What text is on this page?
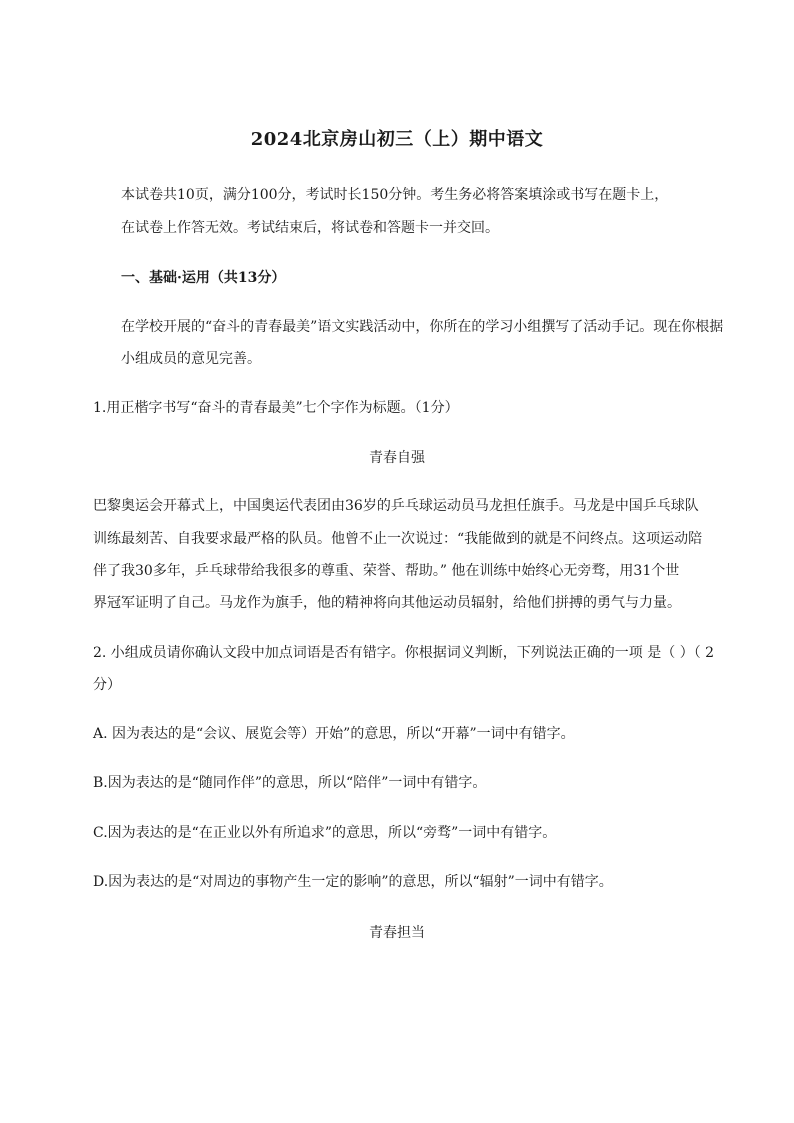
2024北京房山初三（上）期中语文
本试卷共10页，满分100分，考试时长150分钟。考生务必将答案填涂或书写在题卡上，
在试卷上作答无效。考试结束后，将试卷和答题卡一并交回。
一、基础·运用（共13分）
在学校开展的“奋斗的青春最美”语文实践活动中，你所在的学习小组撰写了活动手记。现在你根据
小组成员的意见完善。
1.用正楷字书写“奋斗的青春最美”七个字作为标题。（1分）
青春自强
巴黎奥运会开幕式上，中国奥运代表团由36岁的乒乓球运动员马龙担任旗手。马龙是中国乒乓球队
训练最刻苦、自我要求最严格的队员。他曾不止一次说过：“我能做到的就是不问终点。这项运动陪
伴了我30多年，乒乓球带给我很多的尊重、荣誉、帮助。” 他在训练中始终心无旁骛，用31个世
界冠军证明了自己。马龙作为旗手，他的精神将向其他运动员辐射，给他们拼搏的勇气与力量。
2. 小组成员请你确认文段中加点词语是否有错字。你根据词义判断，下列说法正确的一项 是（ ）（ 2
分）
A. 因为表达的是“会议、展览会等）开始”的意思，所以“开幕”一词中有错字。
B.因为表达的是“随同作伴”的意思，所以“陪伴”一词中有错字。
C.因为表达的是“在正业以外有所追求”的意思，所以“旁骛”一词中有错字。
D.因为表达的是“对周边的事物产生一定的影响”的意思，所以“辐射”一词中有错字。
青春担当
